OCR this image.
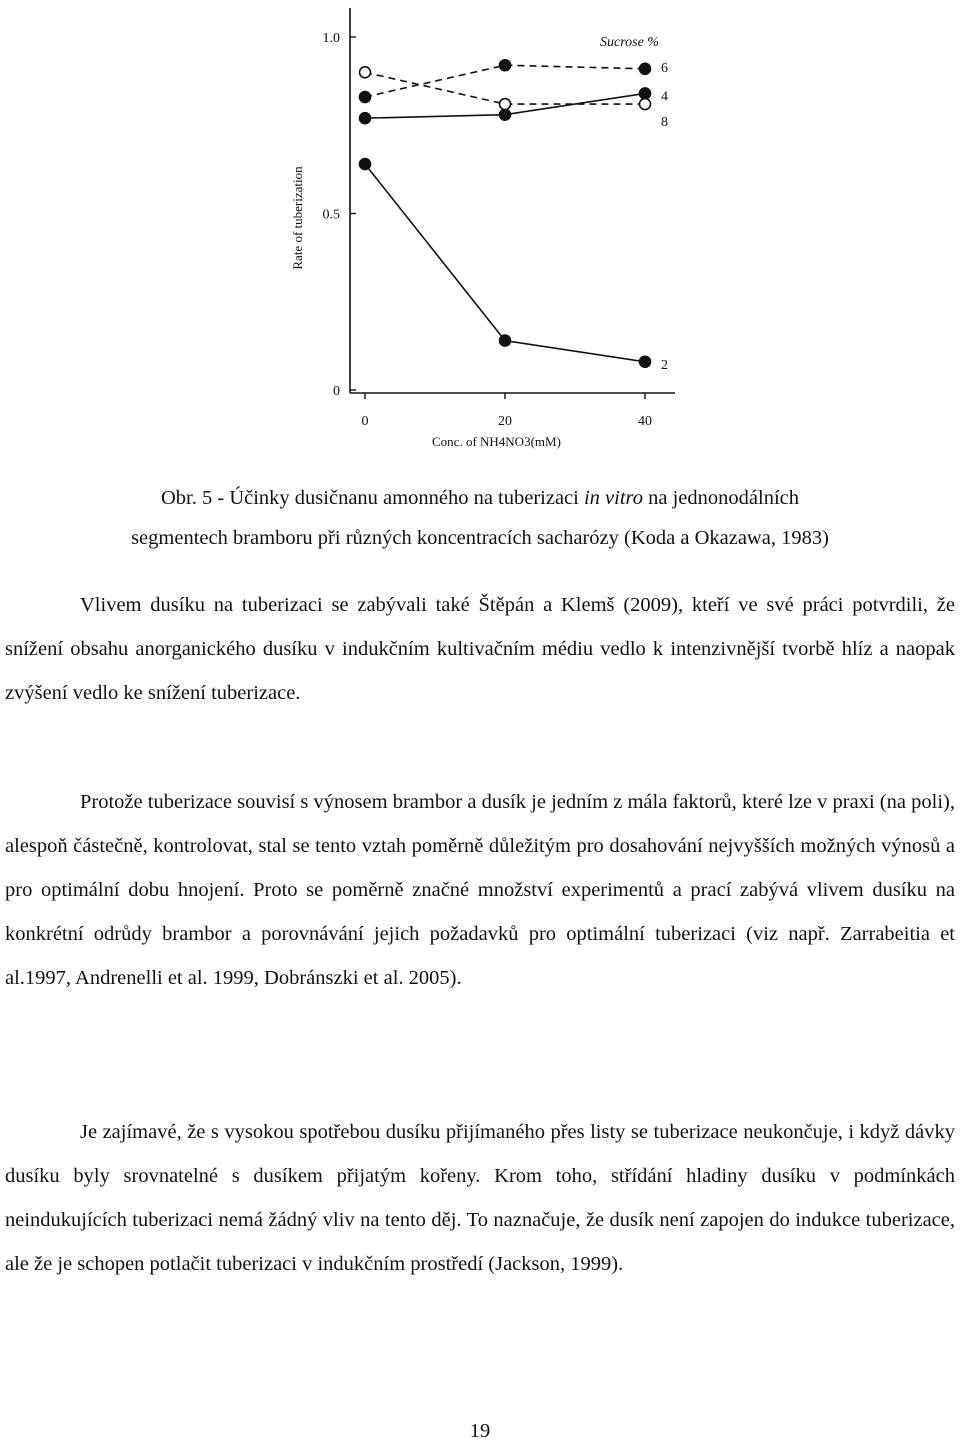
0
0.5
1.0
0	20	40
6
4
8
2
Sucrose %
Rate of tuberization
Conc. of NH4NO3(mM)
Obr. 5 - Účinky dusičnanu amonného na tuberizaci in vitro na jednonodálních
segmentech bramboru při různých koncentracích sacharózy (Koda a Okazawa, 1983)

Vlivem dusíku na tuberizaci se zabývali také Štěpán a Klemš (2009), kteří ve své práci potvrdili, že snížení obsahu anorganického dusíku v indukčním kultivačním médiu vedlo k intenzivnější tvorbě hlíz a naopak zvýšení vedlo ke snížení tuberizace.

Protože tuberizace souvisí s výnosem brambor a dusík je jedním z mála faktorů, které lze v praxi (na poli), alespoň částečně, kontrolovat, stal se tento vztah poměrně důležitým pro dosahování nejvyšších možných výnosů a pro optimální dobu hnojení. Proto se poměrně značné množství experimentů a prací zabývá vlivem dusíku na konkrétní odrůdy brambor a porovnávání jejich požadavků pro optimální tuberizaci (viz např. Zarrabeitia et al.1997, Andrenelli et al. 1999, Dobránszki et al. 2005).

Je zajímavé, že s vysokou spotřebou dusíku přijímaného přes listy se tuberizace neukončuje, i když dávky dusíku byly srovnatelné s dusíkem přijatým kořeny. Krom toho, střídání hladiny dusíku v podmínkách neindukujících tuberizaci nemá žádný vliv na tento děj. To naznačuje, že dusík není zapojen do indukce tuberizace, ale že je schopen potlačit tuberizaci v indukčním prostředí (Jackson, 1999).

19
